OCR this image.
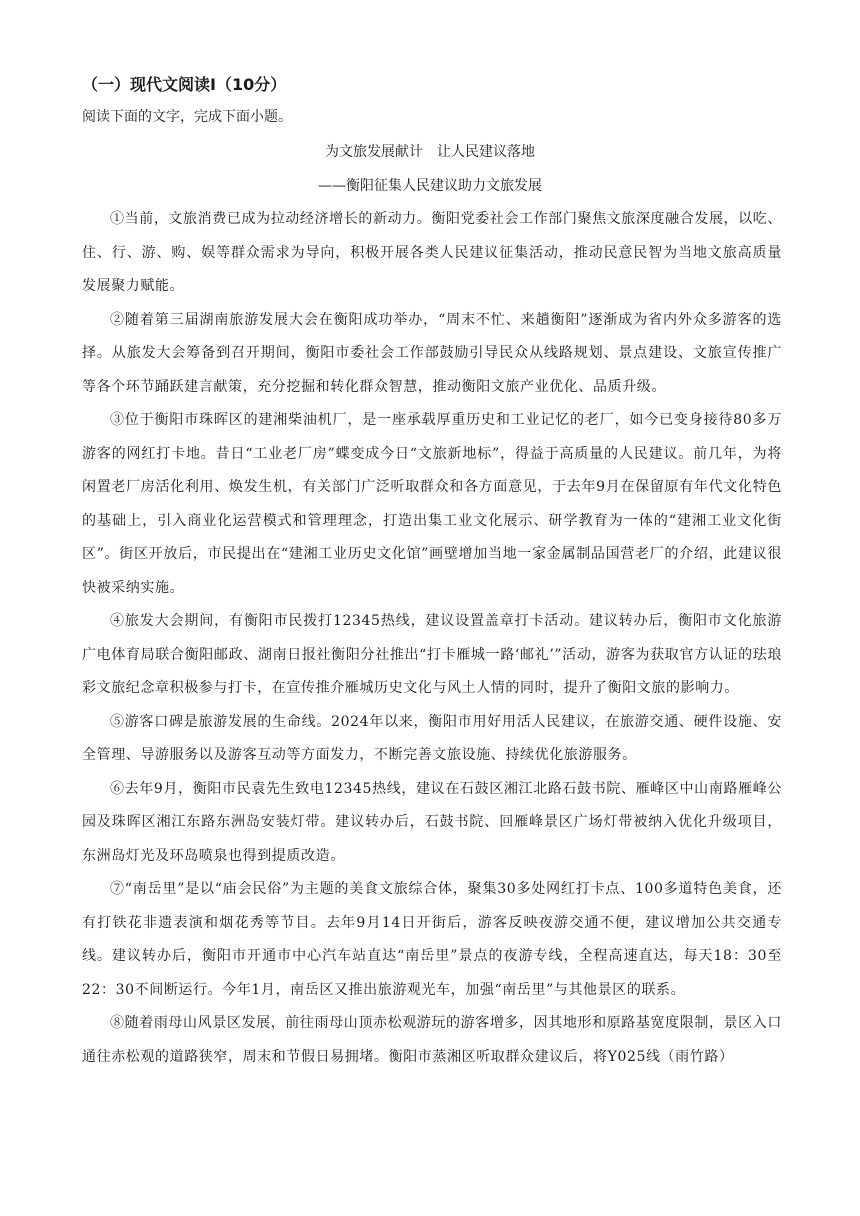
（一）现代文阅读Ⅰ（10分）
阅读下面的文字，完成下面小题。
为文旅发展献计　让人民建议落地
——衡阳征集人民建议助力文旅发展

①当前，文旅消费已成为拉动经济增长的新动力。衡阳党委社会工作部门聚焦文旅深度融合发展，以吃、住、行、游、购、娱等群众需求为导向，积极开展各类人民建议征集活动，推动民意民智为当地文旅高质量发展聚力赋能。

②随着第三届湖南旅游发展大会在衡阳成功举办，“周末不忙、来趟衡阳”逐渐成为省内外众多游客的选择。从旅发大会筹备到召开期间，衡阳市委社会工作部鼓励引导民众从线路规划、景点建设、文旅宣传推广等各个环节踊跃建言献策，充分挖掘和转化群众智慧，推动衡阳文旅产业优化、品质升级。

③位于衡阳市珠晖区的建湘柴油机厂，是一座承载厚重历史和工业记忆的老厂，如今已变身接待80多万游客的网红打卡地。昔日“工业老厂房”蝶变成今日“文旅新地标”，得益于高质量的人民建议。前几年，为将闲置老厂房活化利用、焕发生机，有关部门广泛听取群众和各方面意见，于去年9月在保留原有年代文化特色的基础上，引入商业化运营模式和管理理念，打造出集工业文化展示、研学教育为一体的“建湘工业文化街区”。街区开放后，市民提出在“建湘工业历史文化馆”画壁增加当地一家金属制品国营老厂的介绍，此建议很快被采纳实施。

④旅发大会期间，有衡阳市民拨打12345热线，建议设置盖章打卡活动。建议转办后，衡阳市文化旅游广电体育局联合衡阳邮政、湖南日报社衡阳分社推出“打卡雁城一路‘邮礼’”活动，游客为获取官方认证的珐琅彩文旅纪念章积极参与打卡，在宣传推介雁城历史文化与风土人情的同时，提升了衡阳文旅的影响力。

⑤游客口碑是旅游发展的生命线。2024年以来，衡阳市用好用活人民建议，在旅游交通、硬件设施、安全管理、导游服务以及游客互动等方面发力，不断完善文旅设施、持续优化旅游服务。

⑥去年9月，衡阳市民袁先生致电12345热线，建议在石鼓区湘江北路石鼓书院、雁峰区中山南路雁峰公园及珠晖区湘江东路东洲岛安装灯带。建议转办后，石鼓书院、回雁峰景区广场灯带被纳入优化升级项目，东洲岛灯光及环岛喷泉也得到提质改造。

⑦“南岳里”是以“庙会民俗”为主题的美食文旅综合体，聚集30多处网红打卡点、100多道特色美食，还有打铁花非遗表演和烟花秀等节目。去年9月14日开街后，游客反映夜游交通不便，建议增加公共交通专线。建议转办后，衡阳市开通市中心汽车站直达“南岳里”景点的夜游专线，全程高速直达，每天18：30至22：30不间断运行。今年1月，南岳区又推出旅游观光车，加强“南岳里”与其他景区的联系。

⑧随着雨母山风景区发展，前往雨母山顶赤松观游玩的游客增多，因其地形和原路基宽度限制，景区入口通往赤松观的道路狭窄，周末和节假日易拥堵。衡阳市蒸湘区听取群众建议后，将Y025线（雨竹路）
